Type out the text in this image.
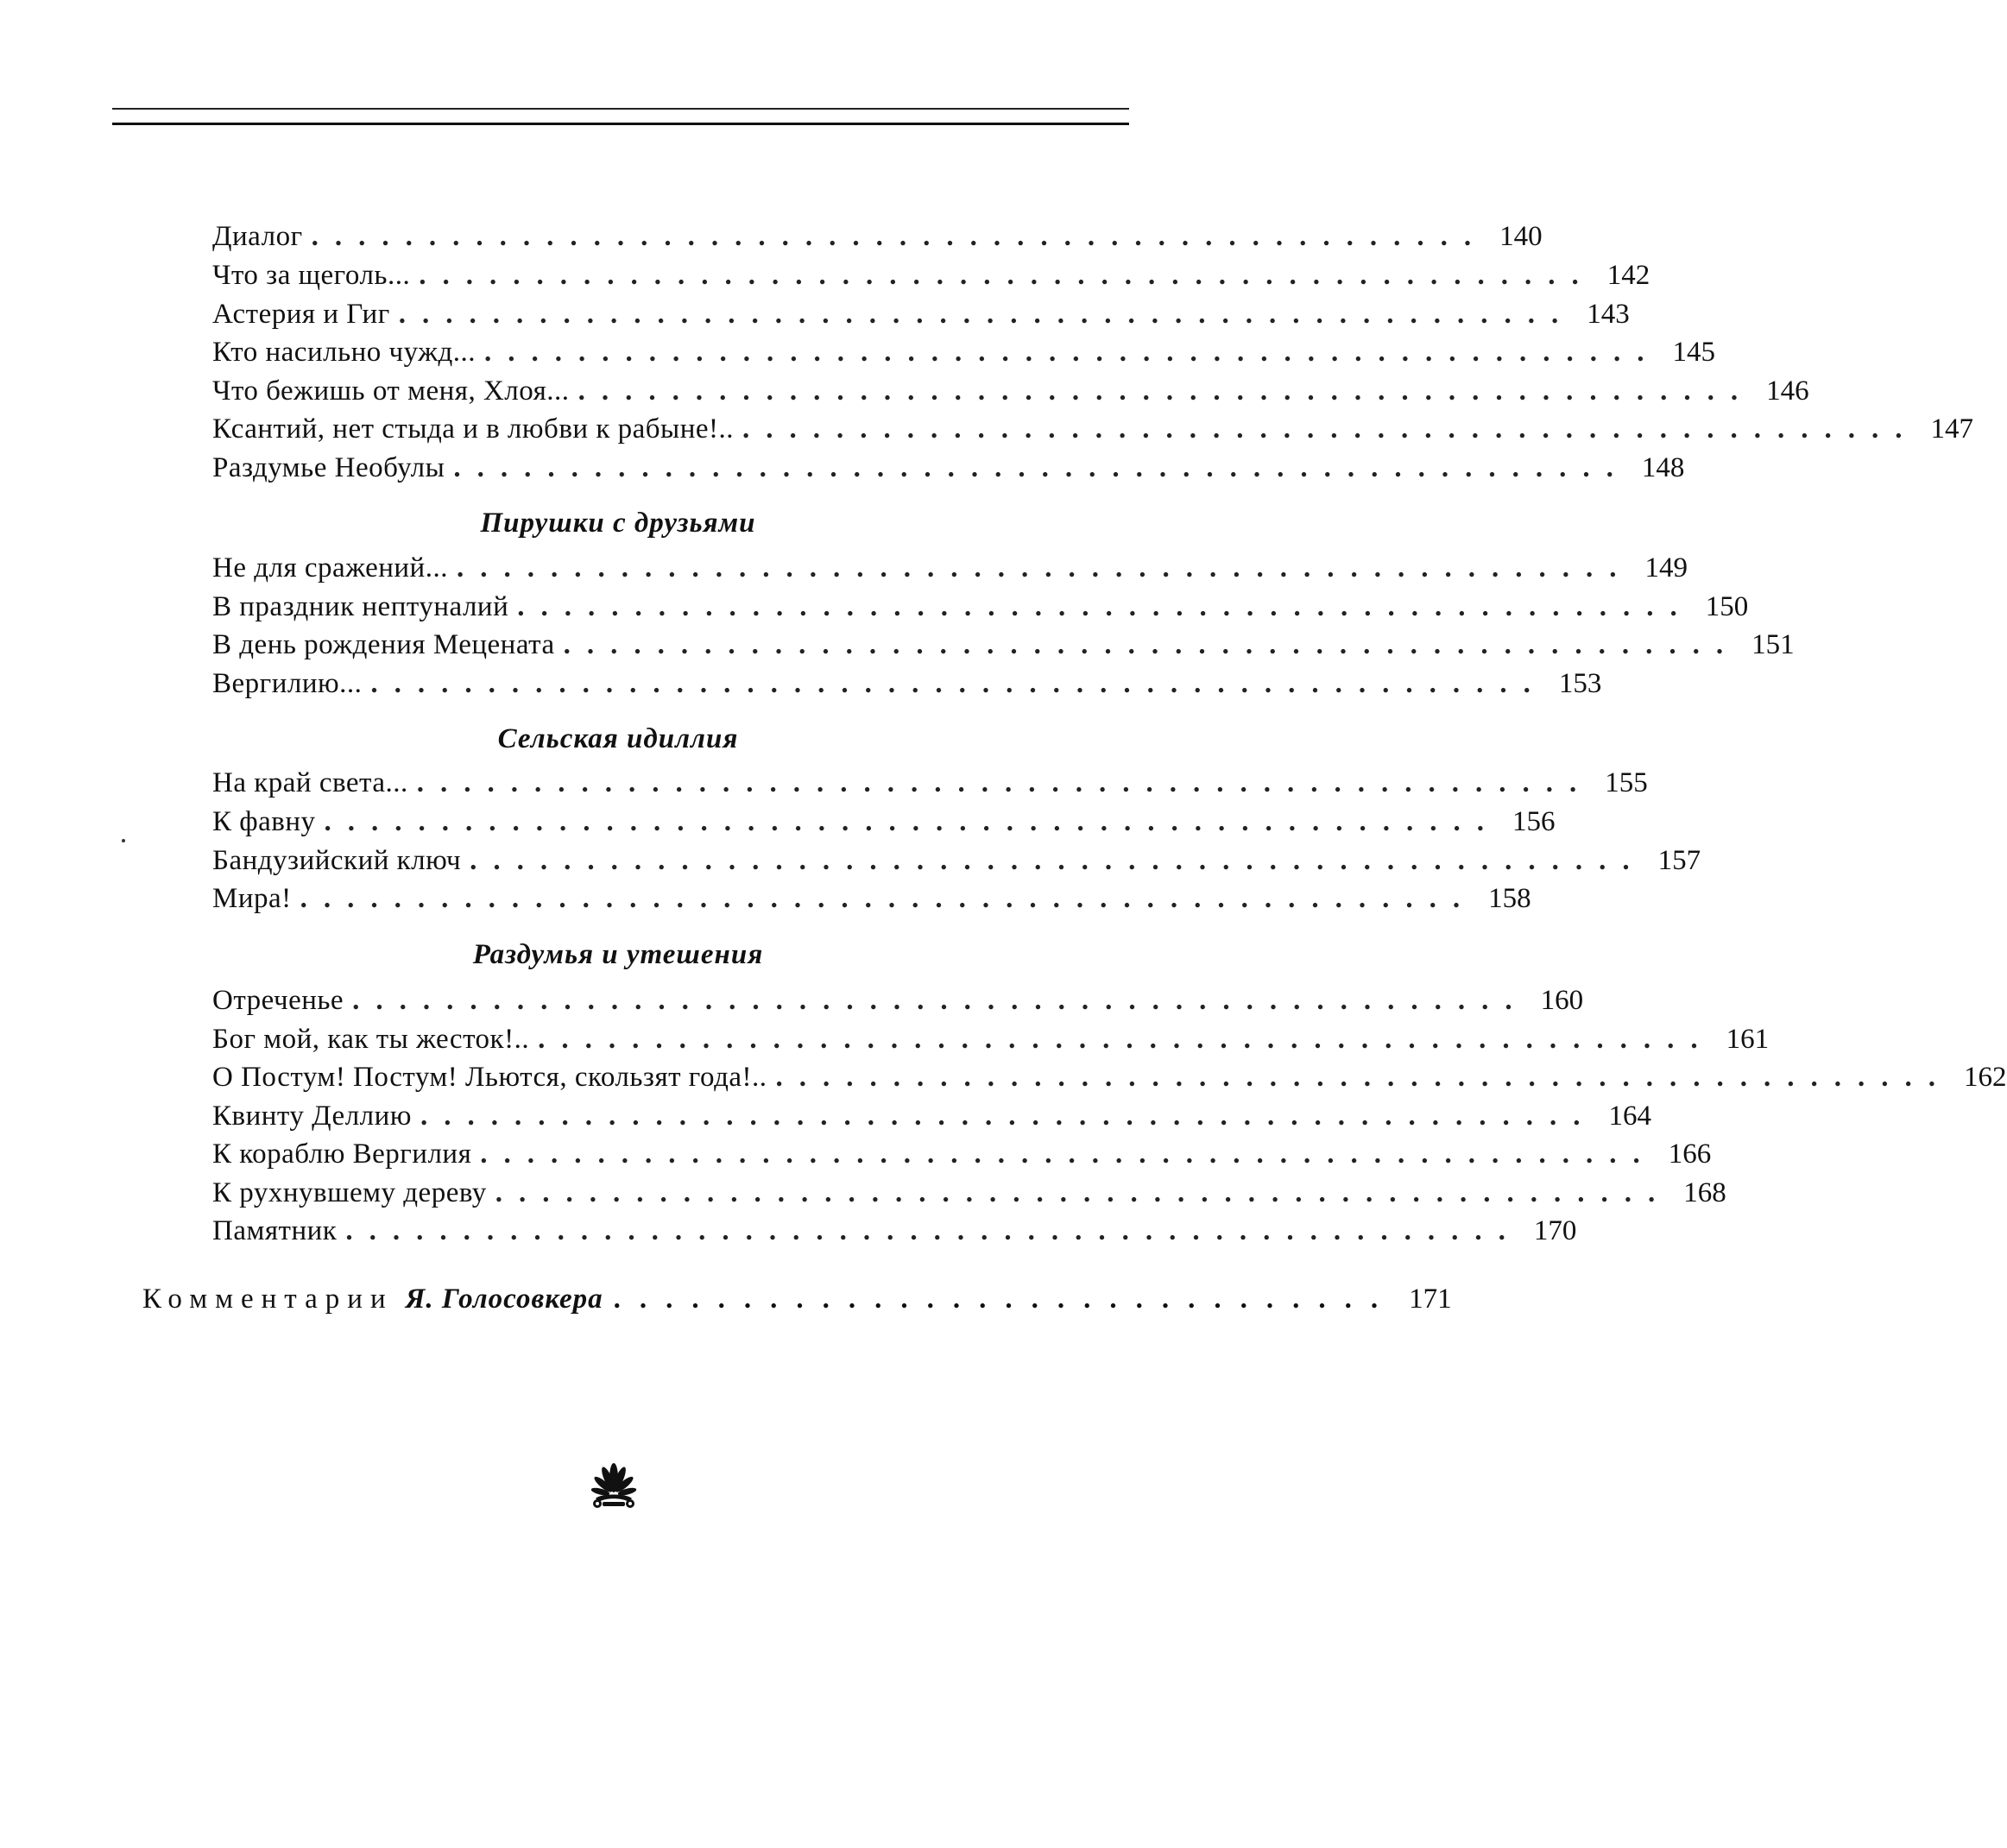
Диалог .................................................. 140
Что за щеголь... .................................................. 142
Астерия и Гиг .................................................. 143
Кто насильно чужд... .................................................. 145
Что бежишь от меня, Хлоя... .................................................. 146
Ксантий, нет стыда и в любви к рабыне!.. .................................................. 147
Раздумье Необулы .................................................. 148
Пирушки с друзьями
Не для сражений... .................................................. 149
В праздник нептуналий .................................................. 150
В день рождения Мецената .................................................. 151
Вергилию... .................................................. 153
Сельская идиллия
На край света... .................................................. 155
К фавну .................................................. 156
Бандузийский ключ .................................................. 157
Мира! .................................................. 158
Раздумья и утешения
Отреченье .................................................. 160
Бог мой, как ты жесток!.. .................................................. 161
О Постум! Постум! Льются, скользят года!.. .................................................. 162
Квинту Деллию .................................................. 164
К кораблю Вергилия .................................................. 166
К рухнувшему дереву .................................................. 168
Памятник .................................................. 170
Комментарии Я. Голосовкера .............................. 171
